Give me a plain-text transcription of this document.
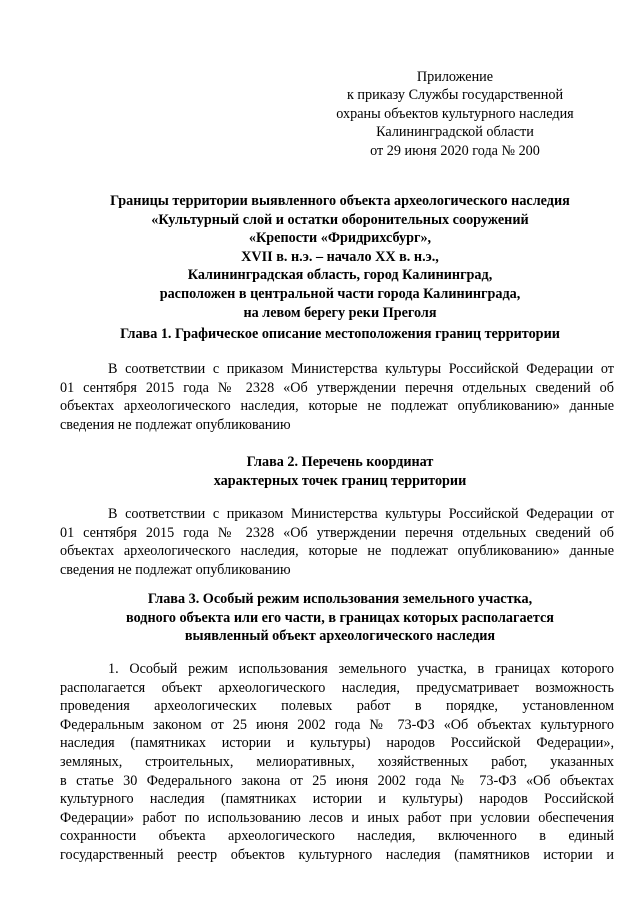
Приложение
к приказу Службы государственной
охраны объектов культурного наследия
Калининградской области
от 29 июня 2020 года № 200
Границы территории выявленного объекта археологического наследия
«Культурный слой и остатки оборонительных сооружений
«Крепости «Фридрихсбург»,
XVII в. н.э. – начало XX в. н.э.,
Калининградская область, город Калининград,
расположен в центральной части города Калининграда,
на левом берегу реки Преголя
Глава 1. Графическое описание местоположения границ территории
В соответствии с приказом Министерства культуры Российской Федерации от
01 сентября 2015 года № 2328 «Об утверждении перечня отдельных сведений об
объектах археологического наследия, которые не подлежат опубликованию» данные
сведения не подлежат опубликованию
Глава 2. Перечень координат
характерных точек границ территории
В соответствии с приказом Министерства культуры Российской Федерации от
01 сентября 2015 года № 2328 «Об утверждении перечня отдельных сведений об
объектах археологического наследия, которые не подлежат опубликованию» данные
сведения не подлежат опубликованию
Глава 3. Особый режим использования земельного участка,
водного объекта или его части, в границах которых располагается
выявленный объект археологического наследия
1. Особый режим использования земельного участка, в границах которого
располагается объект археологического наследия, предусматривает возможность
проведения археологических полевых работ в порядке, установленном
Федеральным законом от 25 июня 2002 года № 73-ФЗ «Об объектах культурного
наследия (памятниках истории и культуры) народов Российской Федерации»,
земляных, строительных, мелиоративных, хозяйственных работ, указанных
в статье 30 Федерального закона от 25 июня 2002 года № 73-ФЗ «Об объектах
культурного наследия (памятниках истории и культуры) народов Российской
Федерации» работ по использованию лесов и иных работ при условии обеспечения
сохранности объекта археологического наследия, включенного в единый
государственный реестр объектов культурного наследия (памятников истории и
